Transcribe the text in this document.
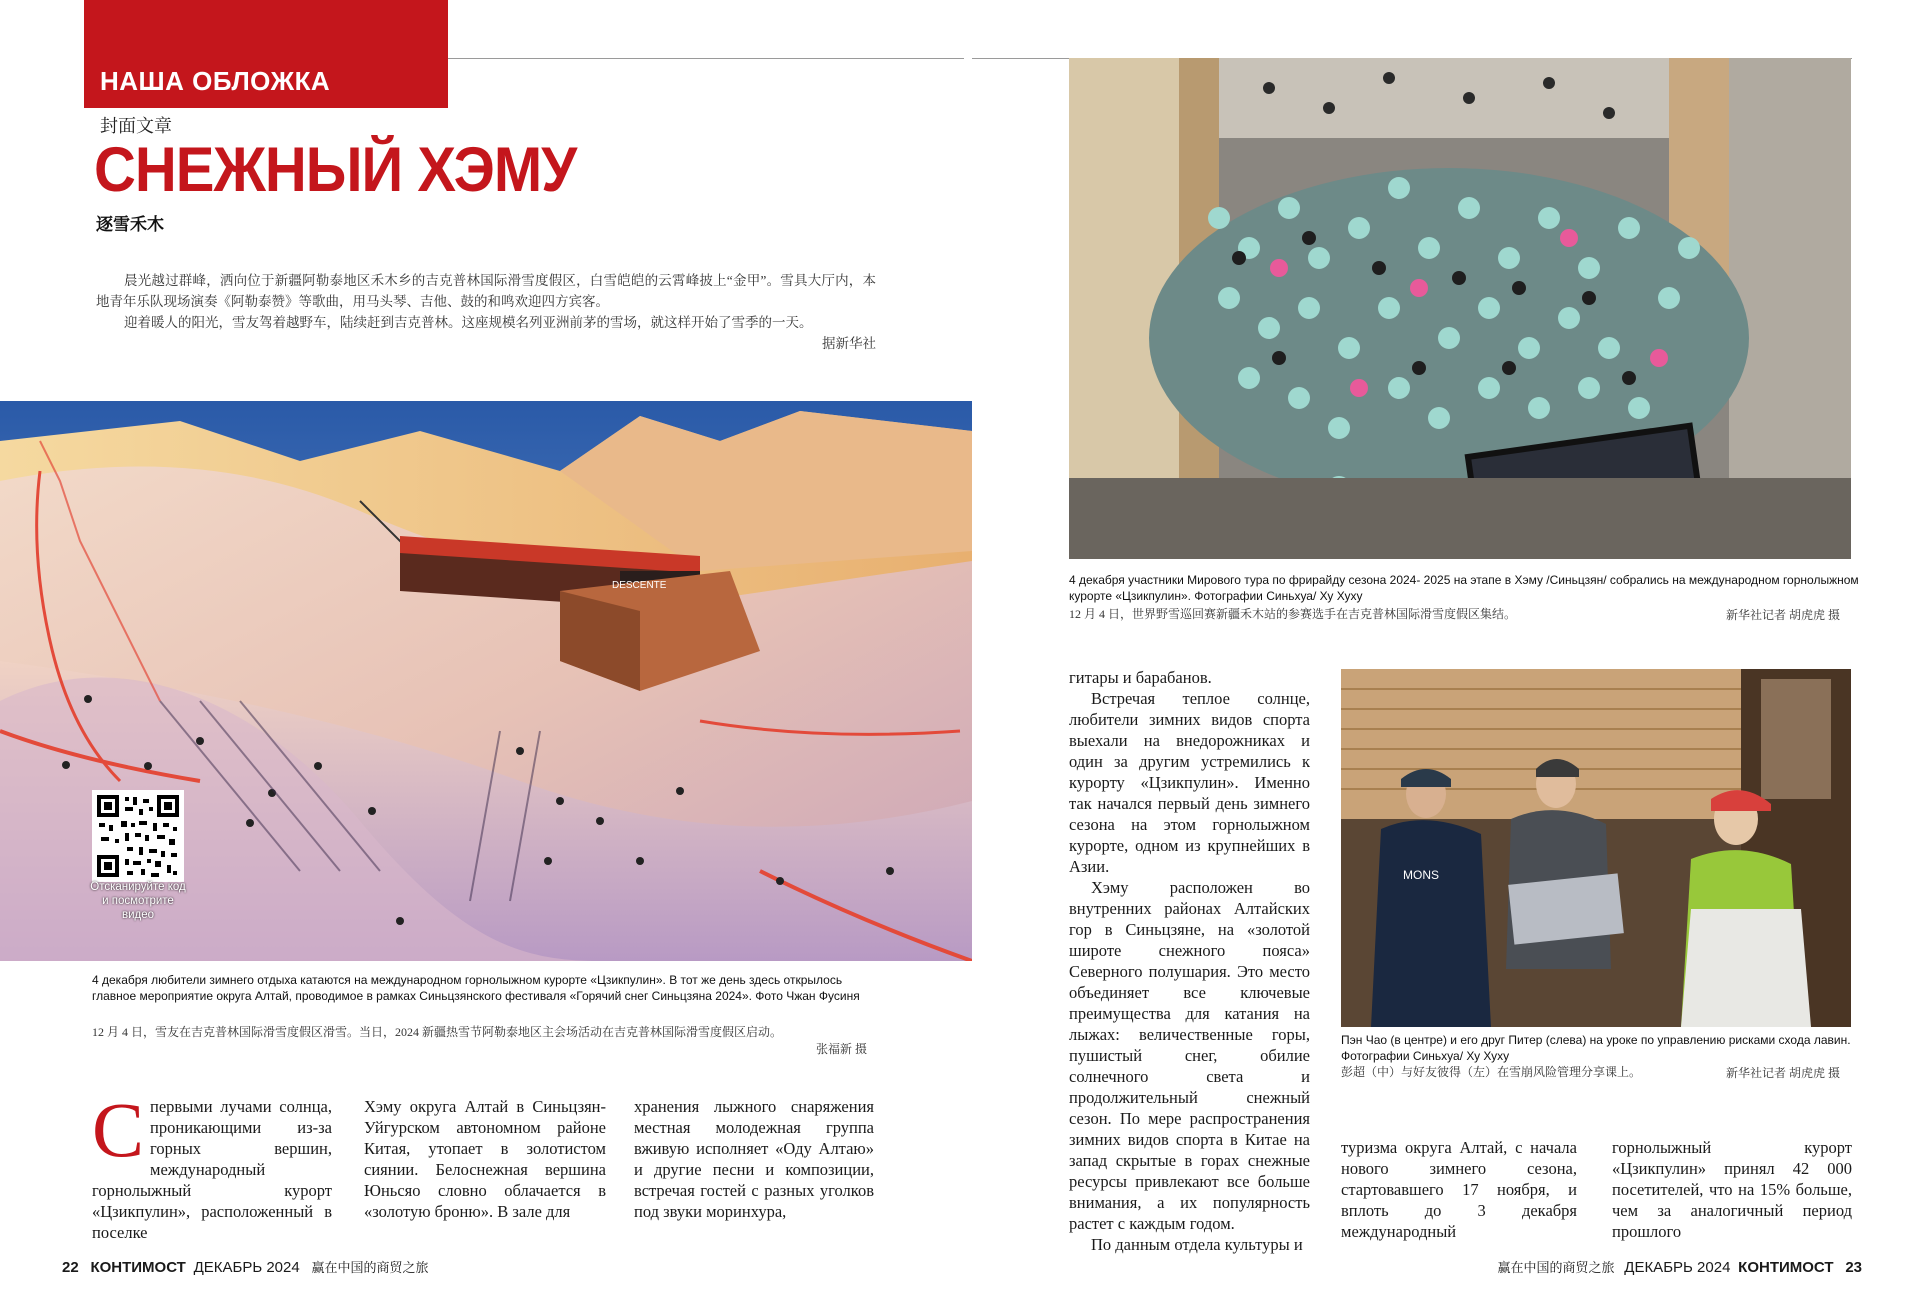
НАША ОБЛОЖКА
封面文章
СНЕЖНЫЙ ХЭМУ
逐雪禾木

晨光越过群峰，洒向位于新疆阿勒泰地区禾木乡的吉克普林国际滑雪度假区，白雪皑皑的云霄峰披上“金甲”。雪具大厅内，本地青年乐队现场演奏《阿勒泰赞》等歌曲，用马头琴、吉他、鼓的和鸣欢迎四方宾客。

迎着暖人的阳光，雪友驾着越野车，陆续赶到吉克普林。这座规模名列亚洲前茅的雪场，就这样开始了雪季的一天。

据新华社

DESCENTE
Отсканируйте код и посмотрите видео
4 декабря любители зимнего отдыха катаются на международном горнолыжном курорте «Цзикпулин». В тот же день здесь открылось главное мероприятие округа Алтай, проводимое в рамках Синьцзянского фестиваля «Горячий снег Синьцзяна 2024». Фото Чжан Фусиня
12 月 4 日，雪友在吉克普林国际滑雪度假区滑雪。当日，2024 新疆热雪节阿勒泰地区主会场活动在吉克普林国际滑雪度假区启动。
张福新 摄
Спервыми лучами солнца, проникающими из-за горных вершин, международный горнолыжный курорт «Цзикпулин», расположенный в поселке
Хэму округа Алтай в Синьцзян-Уйгурском автономном районе Китая, утопает в золотистом сиянии. Белоснежная вершина Юньсяо словно облачается в «золотую броню». В зале для
хранения лыжного снаряжения местная молодежная группа вживую исполняет «Оду Алтаю» и другие песни и композиции, встречая гостей с разных уголков под звуки моринхура,
22 КОНТИМОСТ ДЕКАБРЬ 2024 赢在中国的商贸之旅
4 декабря участники Мирового тура по фрирайду сезона 2024- 2025 на этапе в Хэму /Синьцзян/ собрались на международном горнолыжном курорте «Цзикпулин». Фотографии Синьхуа/ Ху Хуху
12 月 4 日，世界野雪巡回赛新疆禾木站的参赛选手在吉克普林国际滑雪度假区集结。	新华社记者 胡虎虎 摄

гитары и барабанов.

Встречая теплое солнце, любители зимних видов спорта выехали на внедорожниках и один за другим устремились к курорту «Цзикпулин». Именно так начался первый день зимнего сезона на этом горнолыжном курорте, одном из крупнейших в Азии.

Хэму расположен во внутренних районах Алтайских гор в Синьцзяне, на «золотой широте снежного пояса» Северного полушария. Это место объединяет все ключевые преимущества для катания на лыжах: величественные горы, пушистый снег, обилие солнечного света и продолжительный снежный сезон. По мере распространения зимних видов спорта в Китае на запад скрытые в горах снежные ресурсы привлекают все больше внимания, а их популярность растет с каждым годом.

По данным отдела культуры и

MONS
Пэн Чао (в центре) и его друг Питер (слева) на уроке по управлению рисками схода лавин. Фотографии Синьхуа/ Ху Хуху
彭超（中）与好友彼得（左）在雪崩风险管理分享课上。	新华社记者 胡虎虎 摄
туризма округа Алтай, с начала нового зимнего сезона, стартовавшего 17 ноября, и вплоть до 3 декабря международный
горнолыжный курорт «Цзикпулин» принял 42 000 посетителей, что на 15% больше, чем за аналогичный период прошлого
赢在中国的商贸之旅 ДЕКАБРЬ 2024 КОНТИМОСТ 23
